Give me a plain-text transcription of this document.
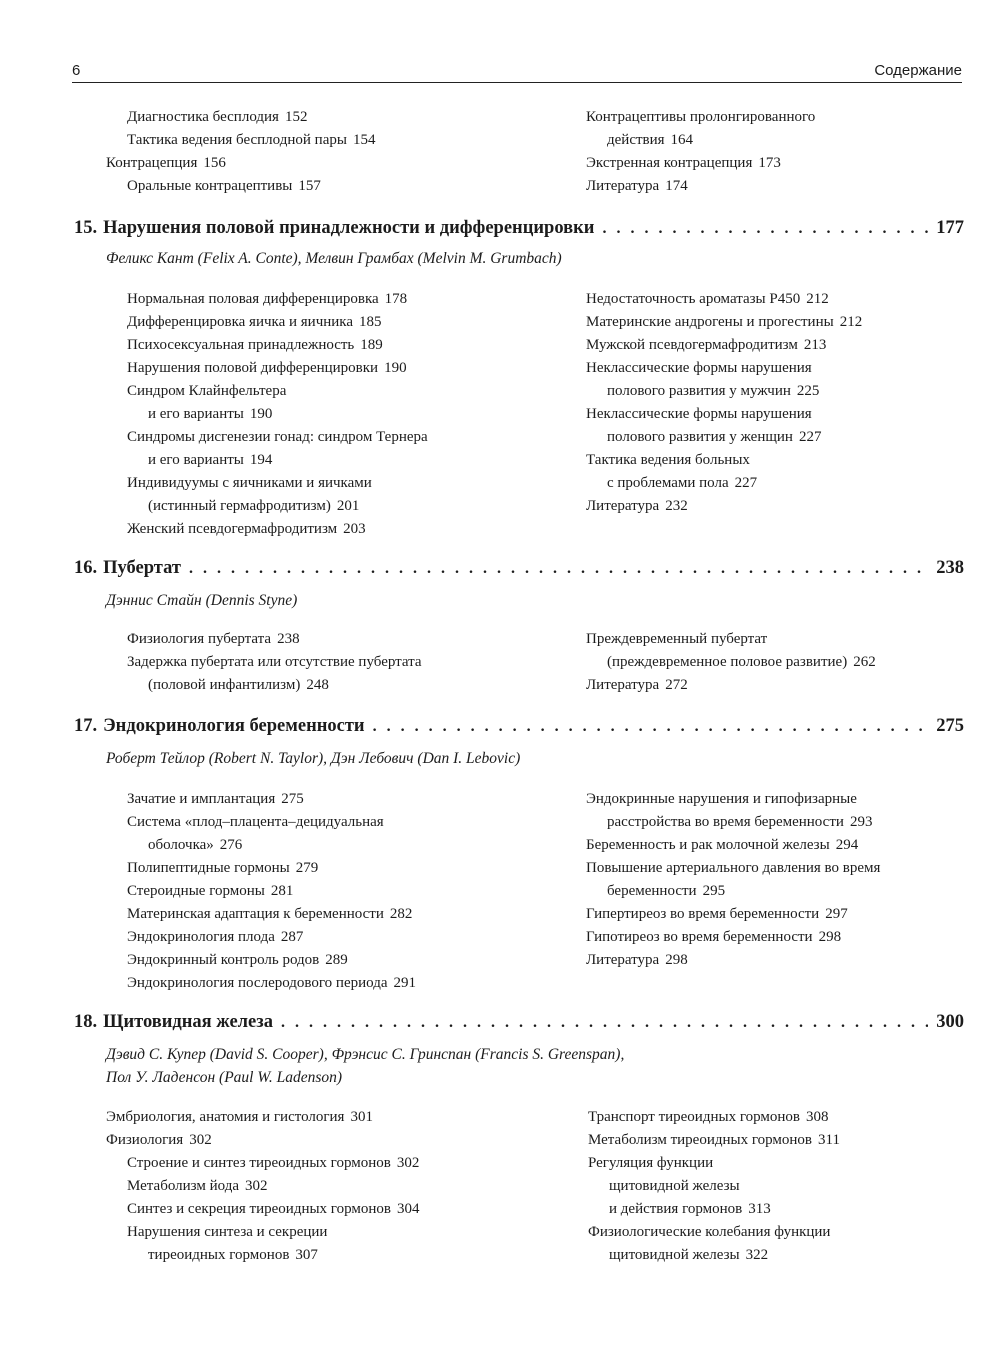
6	Содержание
Диагностика бесплодия 152
Тактика ведения бесплодной пары 154
Контрацепция 156
Оральные контрацептивы 157
Контрацептивы пролонгированного
действия 164
Экстренная контрацепция 173
Литература 174
15. Нарушения половой принадлежности и дифференцировки . . .	177
Феликс Кант (Felix A. Conte), Мелвин Грамбах (Melvin M. Grumbach)
Нормальная половая дифференцировка 178
Дифференцировка яичка и яичника 185
Психосексуальная принадлежность 189
Нарушения половой дифференцировки 190
Синдром Клайнфельтера
и его варианты 190
Синдромы дисгенезии гонад: синдром Тернера
и его варианты 194
Индивидуумы с яичниками и яичками
(истинный гермафродитизм) 201
Женский псевдогермафродитизм 203
Недостаточность ароматазы Р450 212
Материнские андрогены и прогестины 212
Мужской псевдогермафродитизм 213
Неклассические формы нарушения
полового развития у мужчин 225
Неклассические формы нарушения
полового развития у женщин 227
Тактика ведения больных
с проблемами пола 227
Литература 232
16. Пубертат . . .	238
Дэннис Стайн (Dennis Styne)
Физиология пубертата 238
Задержка пубертата или отсутствие пубертата
(половой инфантилизм) 248
Преждевременный пубертат
(преждевременное половое развитие) 262
Литература 272
17. Эндокринология беременности . . .	275
Роберт Тейлор (Robert N. Taylor), Дэн Лебович (Dan I. Lebovic)
Зачатие и имплантация 275
Система «плод–плацента–децидуальная
оболочка» 276
Полипептидные гормоны 279
Стероидные гормоны 281
Материнская адаптация к беременности 282
Эндокринология плода 287
Эндокринный контроль родов 289
Эндокринология послеродового периода 291
Эндокринные нарушения и гипофизарные
расстройства во время беременности 293
Беременность и рак молочной железы 294
Повышение артериального давления во время
беременности 295
Гипертиреоз во время беременности 297
Гипотиреоз во время беременности 298
Литература 298
18. Щитовидная железа . . .	300
Дэвид С. Купер (David S. Cooper), Фрэнсис С. Гринспан (Francis S. Greenspan),
Пол У. Ладенсон (Paul W. Ladenson)
Эмбриология, анатомия и гистология 301
Физиология 302
Строение и синтез тиреоидных гормонов 302
Метаболизм йода 302
Синтез и секреция тиреоидных гормонов 304
Нарушения синтеза и секреции
тиреоидных гормонов 307
Транспорт тиреоидных гормонов 308
Метаболизм тиреоидных гормонов 311
Регуляция функции
щитовидной железы
и действия гормонов 313
Физиологические колебания функции
щитовидной железы 322
